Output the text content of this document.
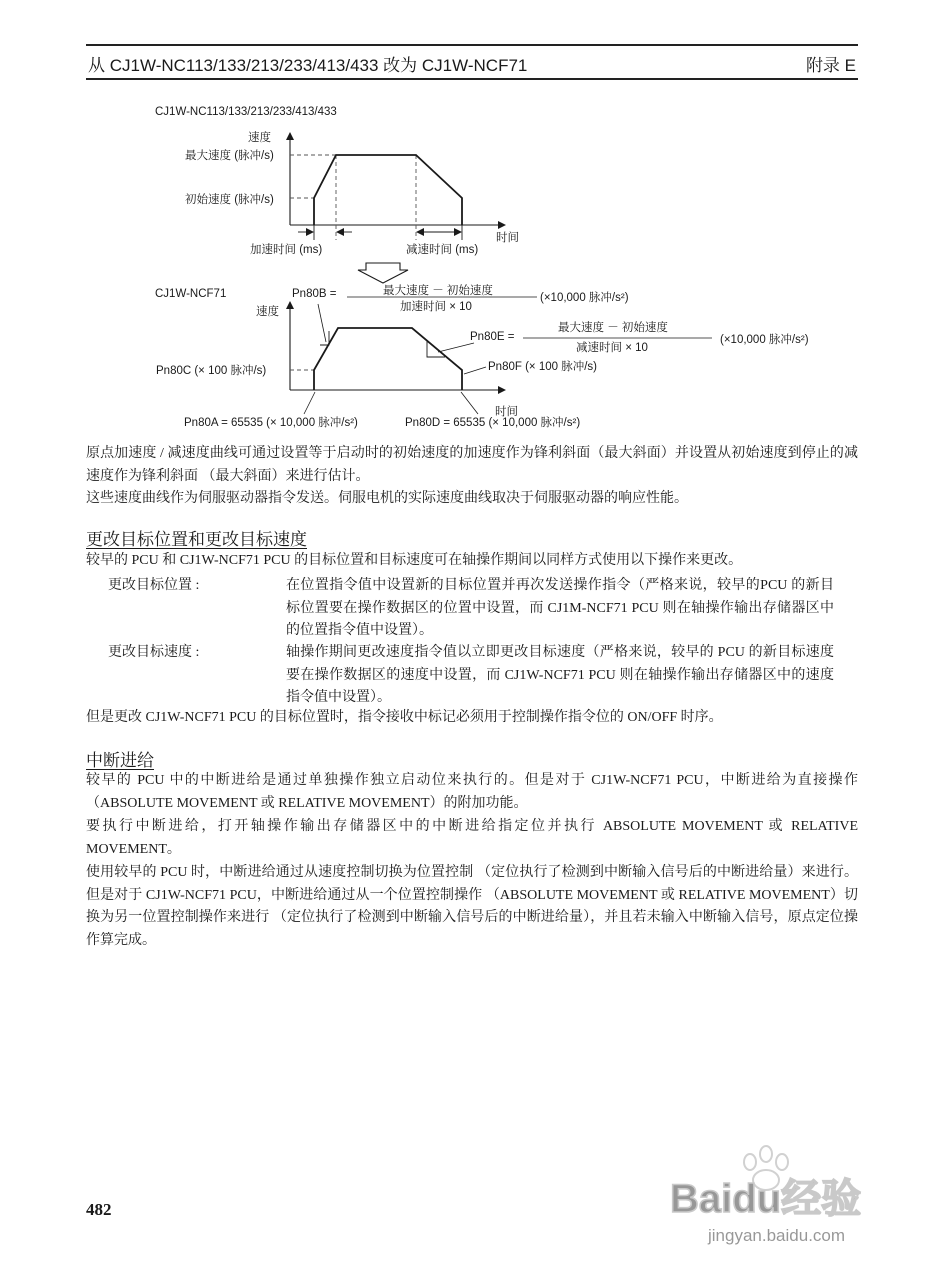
从 CJ1W-NC113/133/213/233/413/433 改为 CJ1W-NCF71	附录 E
CJ1W-NC113/133/213/233/413/433
速度
最大速度 (脉冲/s)
初始速度 (脉冲/s)
时间
加速时间 (ms)	减速时间 (ms)
CJ1W-NCF71	Pn80B =	最大速度 － 初始速度
加速时间 × 10
(×10,000 脉冲/s²)
速度
时间
Pn80E =
最大速度 － 初始速度
减速时间 × 10
(×10,000 脉冲/s²)
Pn80C (× 100 脉冲/s)	Pn80F (× 100 脉冲/s)
Pn80A = 65535 (× 10,000 脉冲/s²)	Pn80D = 65535 (× 10,000 脉冲/s²)

原点加速度 / 减速度曲线可通过设置等于启动时的初始速度的加速度作为锋利斜面（最大斜面）并设置从初始速度到停止的减速度作为锋利斜面 （最大斜面）来进行估计。

这些速度曲线作为伺服驱动器指令发送。伺服电机的实际速度曲线取决于伺服驱动器的响应性能。

更改目标位置和更改目标速度

较早的 PCU 和 CJ1W-NCF71 PCU 的目标位置和目标速度可在轴操作期间以同样方式使用以下操作来更改。

更改目标位置 :	在位置指令值中设置新的目标位置并再次发送操作指令（严格来说，较早的PCU 的新目标位置要在操作数据区的位置中设置，而 CJ1M-NCF71 PCU 则在轴操作输出存储器区中的位置指令值中设置）。

更改目标速度 :	轴操作期间更改速度指令值以立即更改目标速度（严格来说，较早的 PCU 的新目标速度要在操作数据区的速度中设置，而 CJ1W-NCF71 PCU 则在轴操作输出存储器区中的速度指令值中设置）。

但是更改 CJ1W-NCF71 PCU 的目标位置时，指令接收中标记必须用于控制操作指令位的 ON/OFF 时序。

中断进给

较早的 PCU 中的中断进给是通过单独操作独立启动位来执行的。但是对于 CJ1W-NCF71 PCU，中断进给为直接操作 （ABSOLUTE MOVEMENT 或 RELATIVE MOVEMENT）的附加功能。

要执行中断进给，打开轴操作输出存储器区中的中断进给指定位并执行 ABSOLUTE MOVEMENT 或 RELATIVE MOVEMENT。

使用较早的 PCU 时，中断进给通过从速度控制切换为位置控制 （定位执行了检测到中断输入信号后的中断进给量）来进行。但是对于 CJ1W-NCF71 PCU，中断进给通过从一个位置控制操作 （ABSOLUTE MOVEMENT 或 RELATIVE MOVEMENT）切换为另一位置控制操作来进行 （定位执行了检测到中断输入信号后的中断进给量），并且若未输入中断输入信号，原点定位操作算完成。

482	Baidu经验
jingyan.baidu.com
